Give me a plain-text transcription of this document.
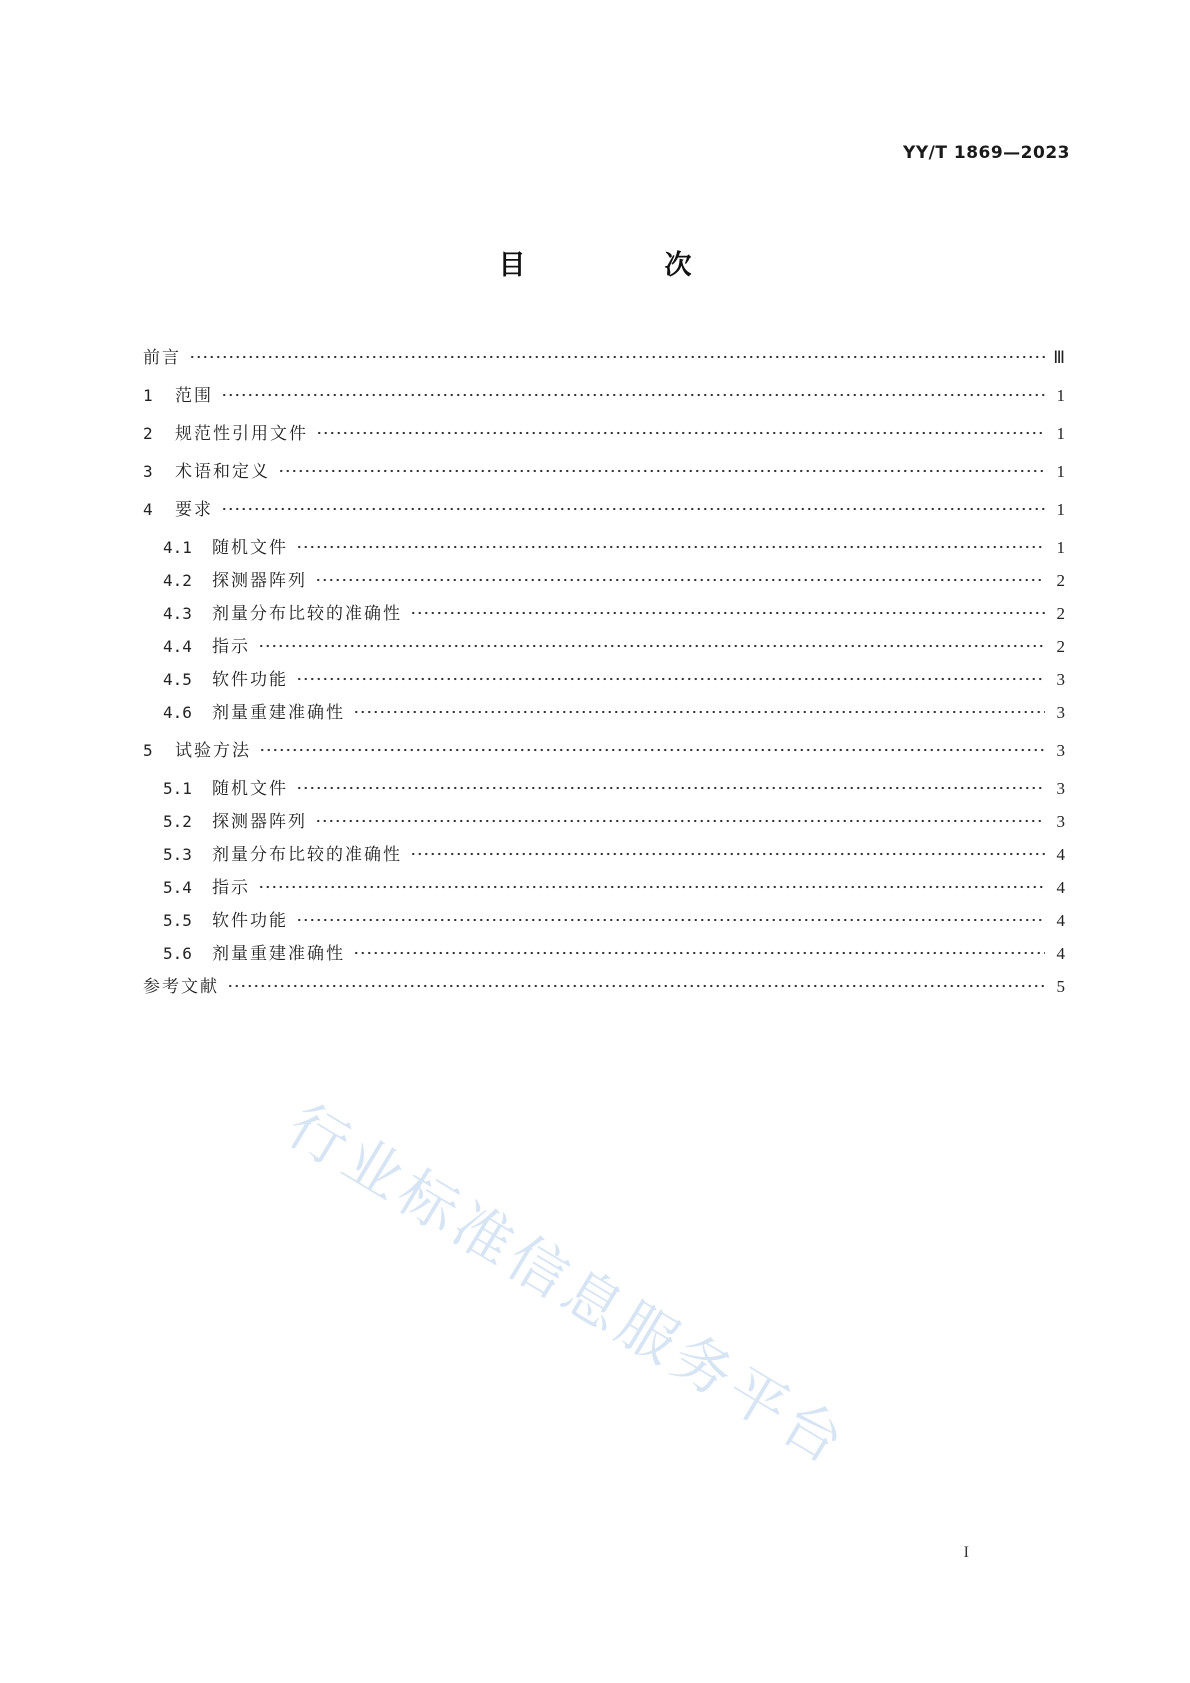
YY/T 1869—2023
目　次
前言	Ⅲ
1	范围	1
2	规范性引用文件	1
3	术语和定义	1
4	要求	1
4.1	随机文件	1
4.2	探测器阵列	2
4.3	剂量分布比较的准确性	2
4.4	指示	2
4.5	软件功能	3
4.6	剂量重建准确性	3
5	试验方法	3
5.1	随机文件	3
5.2	探测器阵列	3
5.3	剂量分布比较的准确性	4
5.4	指示	4
5.5	软件功能	4
5.6	剂量重建准确性	4
参考文献	5
行业标准信息服务平台
I
